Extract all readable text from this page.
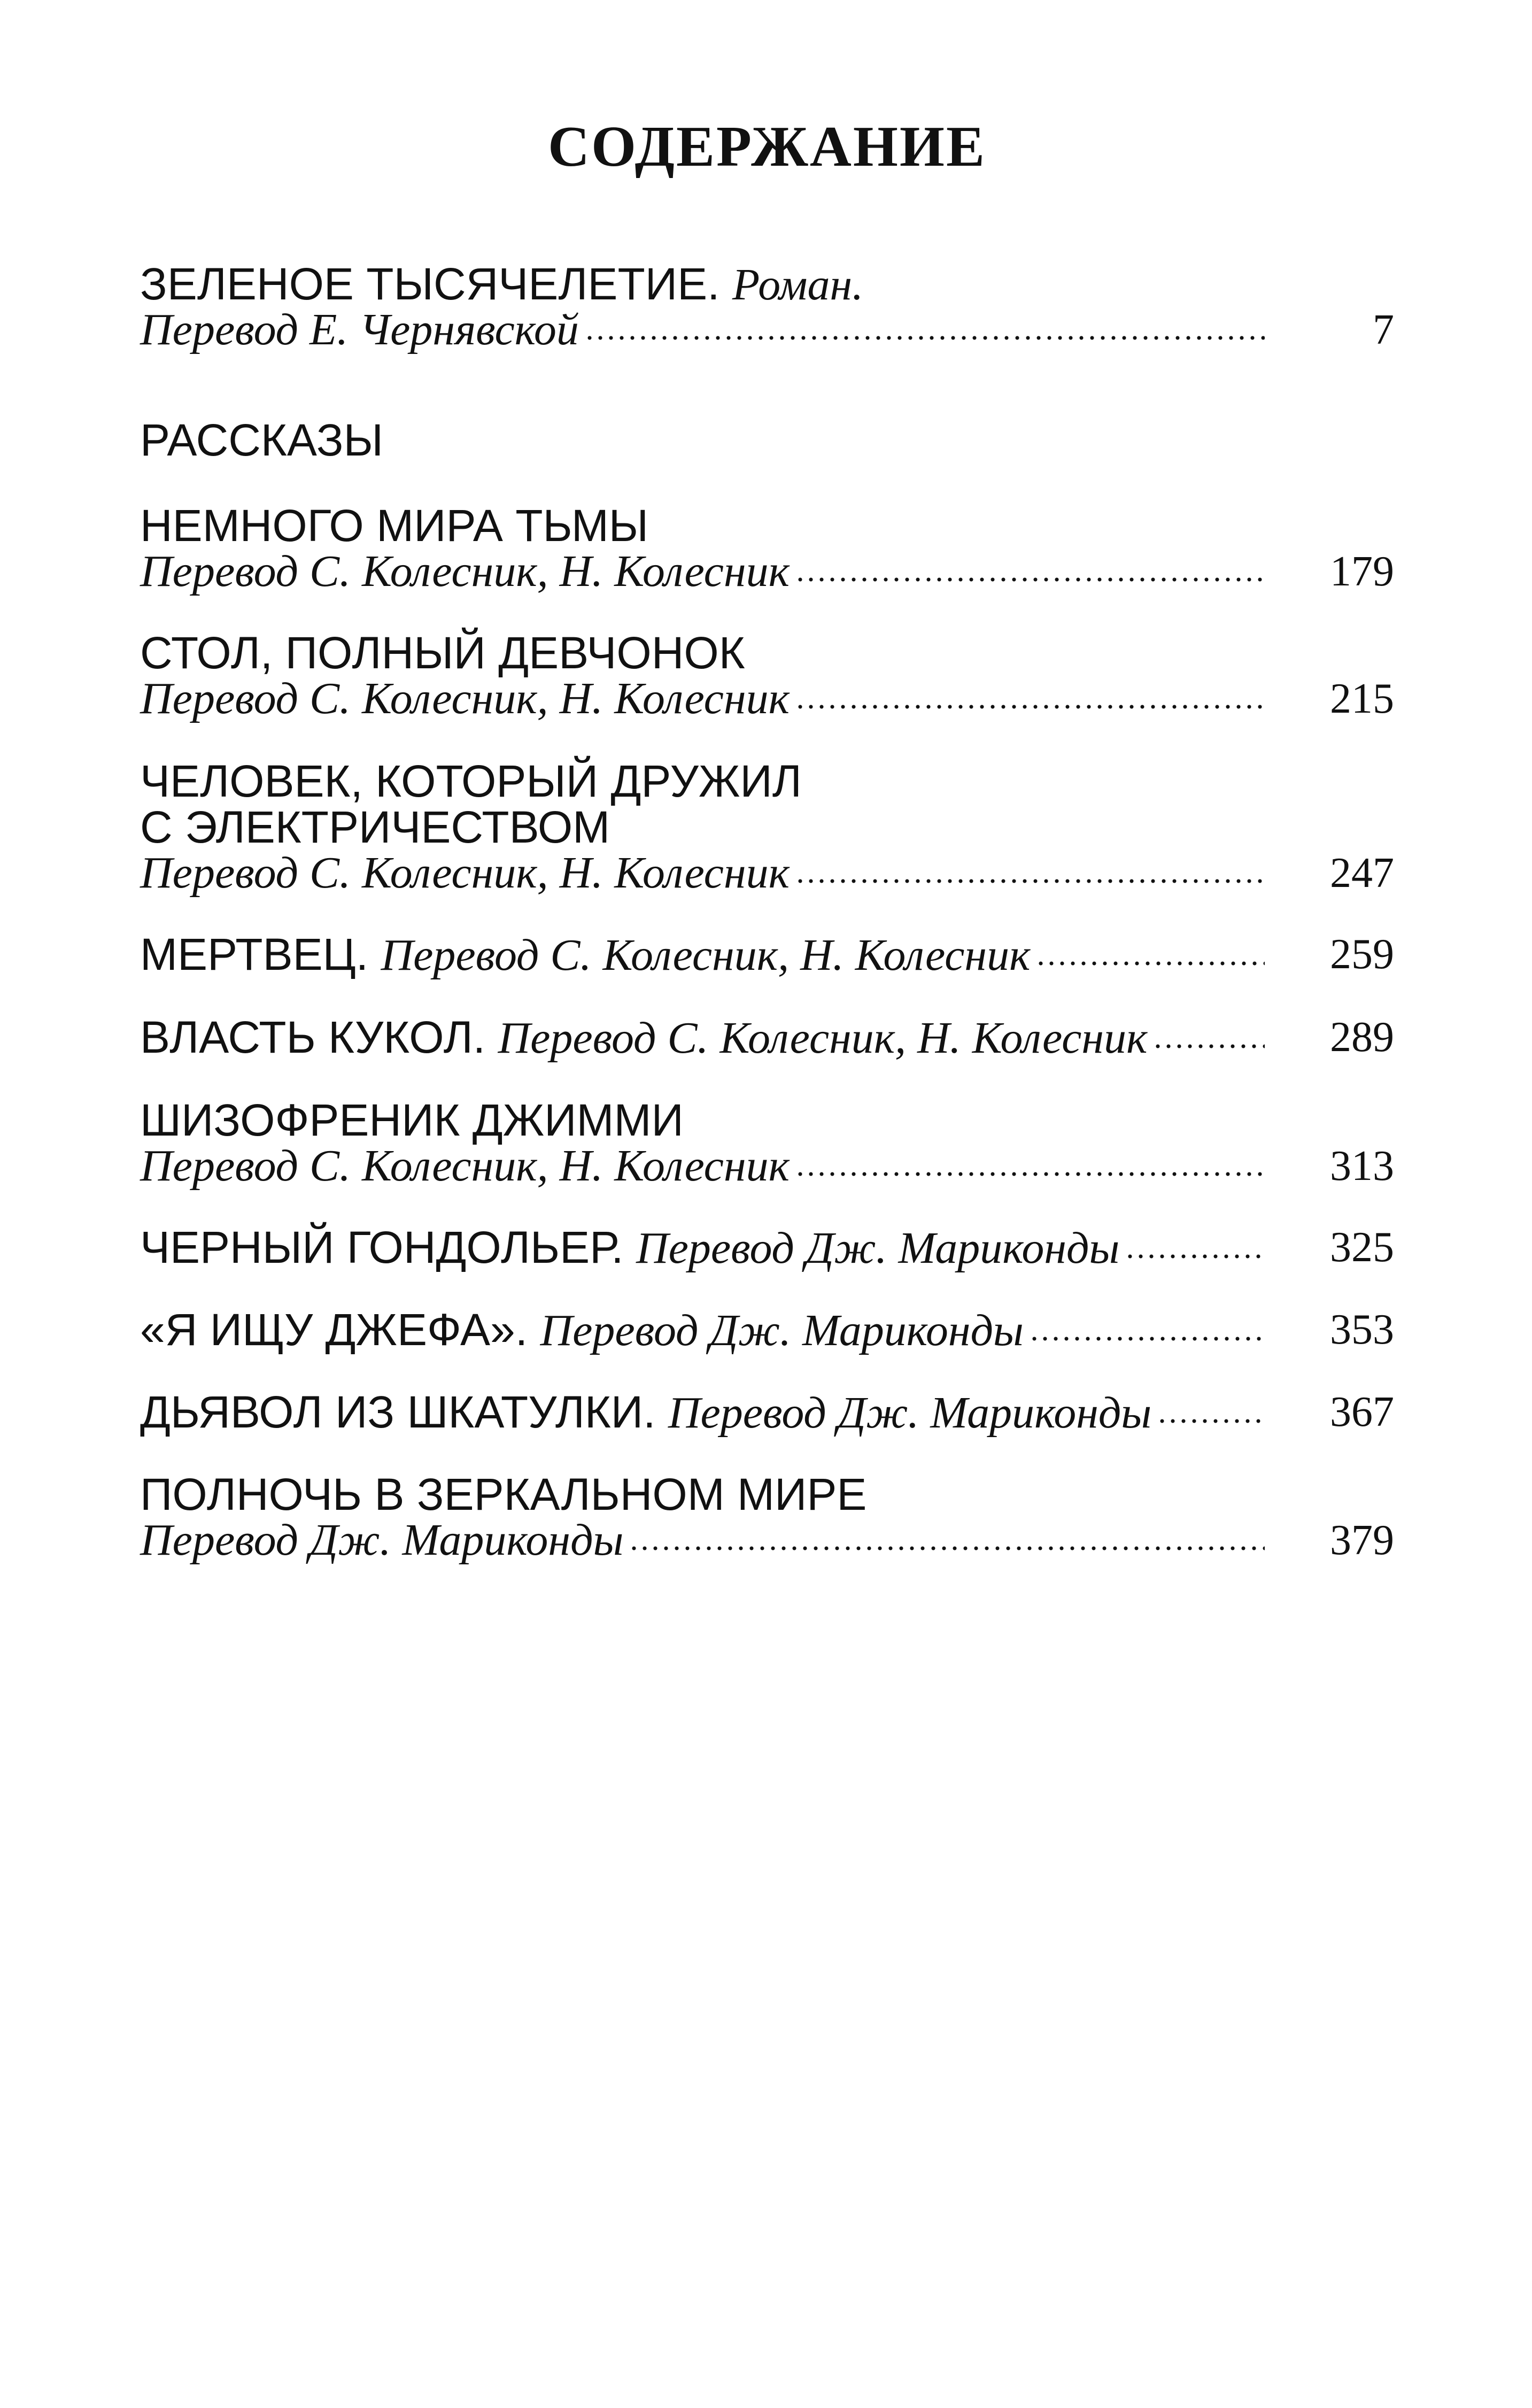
СОДЕРЖАНИЕ
ЗЕЛЕНОЕ ТЫСЯЧЕЛЕТИЕ. Роман.
Перевод Е. Чернявской	7
РАССКАЗЫ
НЕМНОГО МИРА ТЬМЫ
Перевод С. Колесник, Н. Колесник	179
СТОЛ, ПОЛНЫЙ ДЕВЧОНОК
Перевод С. Колесник, Н. Колесник	215
ЧЕЛОВЕК, КОТОРЫЙ ДРУЖИЛ
С ЭЛЕКТРИЧЕСТВОМ
Перевод С. Колесник, Н. Колесник	247
МЕРТВЕЦ.
Перевод С. Колесник, Н. Колесник	259
ВЛАСТЬ КУКОЛ.
Перевод С. Колесник, Н. Колесник	289
ШИЗОФРЕНИК ДЖИММИ
Перевод С. Колесник, Н. Колесник	313
ЧЕРНЫЙ ГОНДОЛЬЕР.
Перевод Дж. Мариконды	325
«Я ИЩУ ДЖЕФА».
Перевод Дж. Мариконды	353
ДЬЯВОЛ ИЗ ШКАТУЛКИ.
Перевод Дж. Мариконды	367
ПОЛНОЧЬ В ЗЕРКАЛЬНОМ МИРЕ
Перевод Дж. Мариконды	379
